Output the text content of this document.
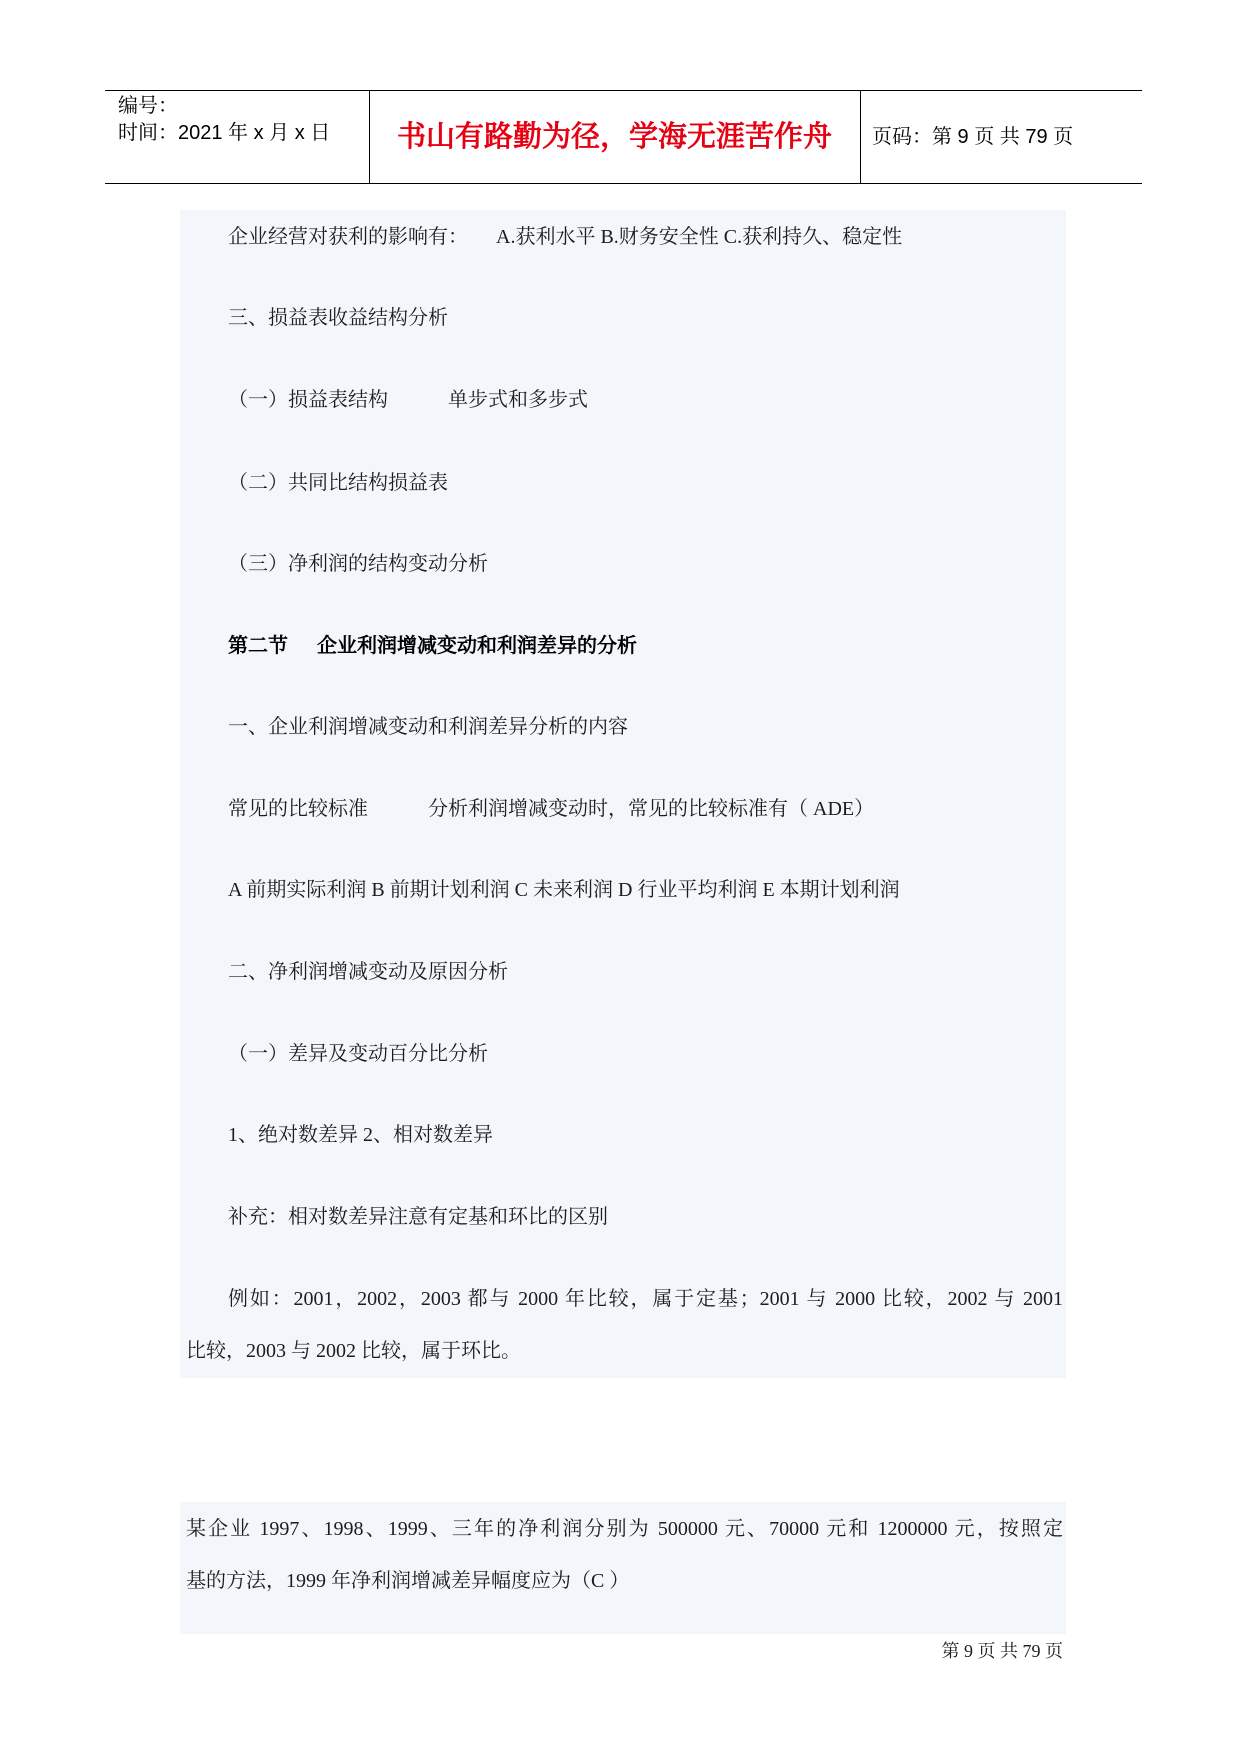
编号：
时间：2021 年 x 月 x 日	书山有路勤为径，学海无涯苦作舟	页码：第 9 页 共 79 页
企业经营对获利的影响有： A.获利水平 B.财务安全性 C.获利持久、稳定性
三、损益表收益结构分析
（一）损益表结构	单步式和多步式
（二）共同比结构损益表
（三）净利润的结构变动分析
第二节 企业利润增减变动和利润差异的分析
一、企业利润增减变动和利润差异分析的内容
常见的比较标准	分析利润增减变动时，常见的比较标准有（ ADE）
A 前期实际利润 B 前期计划利润 C 未来利润 D 行业平均利润 E 本期计划利润
二、净利润增减变动及原因分析
（一）差异及变动百分比分析
1、绝对数差异 2、相对数差异
补充：相对数差异注意有定基和环比的区别
例如：2001，2002，2003 都与 2000 年比较，属于定基；2001 与 2000 比较，2002 与 2001
比较，2003 与 2002 比较，属于环比。
某企业 1997、1998、1999、三年的净利润分别为 500000 元、70000 元和 1200000 元，按照定
基的方法，1999 年净利润增减差异幅度应为（C ）
第 9 页 共 79 页
